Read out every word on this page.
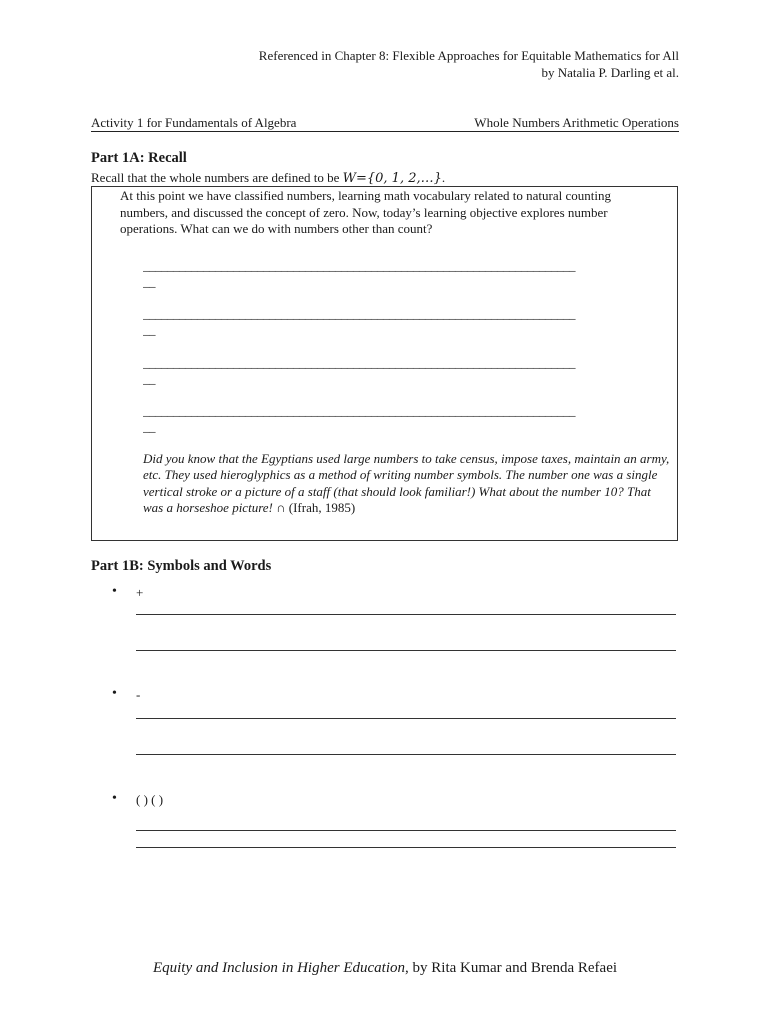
Referenced in Chapter 8: Flexible Approaches for Equitable Mathematics for All
by Natalia P. Darling et al.
Activity 1 for Fundamentals of Algebra	Whole Numbers Arithmetic Operations
Part 1A: Recall
Recall that the whole numbers are defined to be W={0, 1, 2,…}.
At this point we have classified numbers, learning math vocabulary related to natural counting numbers, and discussed the concept of zero. Now, today’s learning objective explores number operations. What can we do with numbers other than count?
________________________________________________________________________
__
________________________________________________________________________
__
________________________________________________________________________
__
________________________________________________________________________
__
Did you know that the Egyptians used large numbers to take census, impose taxes, maintain an army, etc. They used hieroglyphics as a method of writing number symbols. The number one was a single vertical stroke or a picture of a staff (that should look familiar!) What about the number 10? That was a horseshoe picture! ∩ (Ifrah, 1985)
Part 1B: Symbols and Words
• +
• -
• ( ) ( )
Equity and Inclusion in Higher Education, by Rita Kumar and Brenda Refaei
